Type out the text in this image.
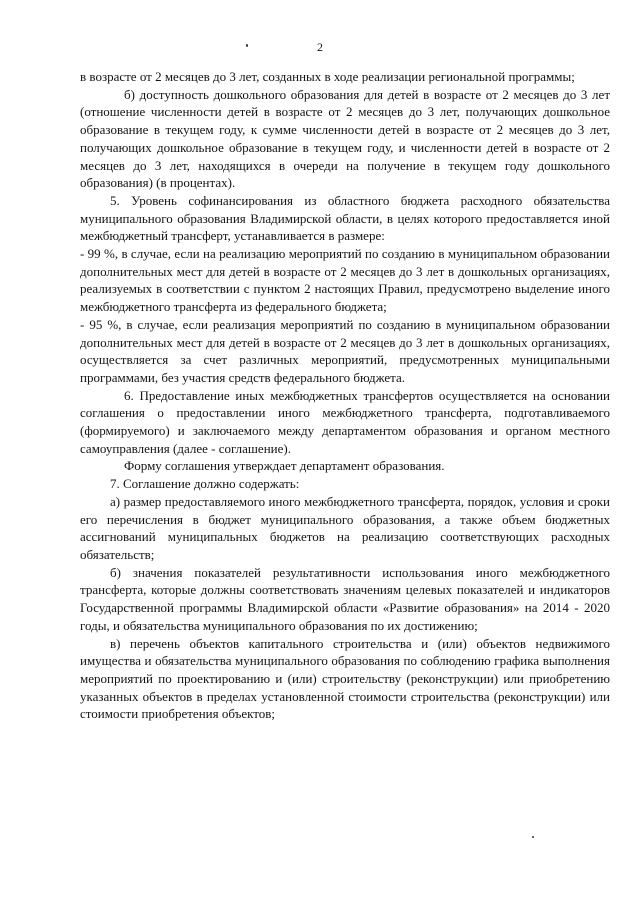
2

в возрасте от 2 месяцев до 3 лет, созданных в ходе реализации региональной программы;

б) доступность дошкольного образования для детей в возрасте от 2 месяцев до 3 лет (отношение численности детей в возрасте от 2 месяцев до 3 лет, получающих дошкольное образование в текущем году, к сумме численности детей в возрасте от 2 месяцев до 3 лет, получающих дошкольное образование в текущем году, и численности детей в возрасте от 2 месяцев до 3 лет, находящихся в очереди на получение в текущем году дошкольного образования) (в процентах).

5. Уровень софинансирования из областного бюджета расходного обязательства муниципального образования Владимирской области, в целях которого предоставляется иной межбюджетный трансферт, устанавливается в размере:

- 99 %, в случае, если на реализацию мероприятий по созданию в муниципальном образовании дополнительных мест для детей в возрасте от 2 месяцев до 3 лет в дошкольных организациях, реализуемых в соответствии с пунктом 2 настоящих Правил, предусмотрено выделение иного межбюджетного трансферта из федерального бюджета;

- 95 %, в случае, если реализация мероприятий по созданию в муниципальном образовании дополнительных мест для детей в возрасте от 2 месяцев до 3 лет в дошкольных организациях, осуществляется за счет различных мероприятий, предусмотренных муниципальными программами, без участия средств федерального бюджета.

6. Предоставление иных межбюджетных трансфертов осуществляется на основании соглашения о предоставлении иного межбюджетного трансферта, подготавливаемого (формируемого) и заключаемого между департаментом образования и органом местного самоуправления (далее - соглашение).

Форму соглашения утверждает департамент образования.

7. Соглашение должно содержать:

а) размер предоставляемого иного межбюджетного трансферта, порядок, условия и сроки его перечисления в бюджет муниципального образования, а также объем бюджетных ассигнований муниципальных бюджетов на реализацию соответствующих расходных обязательств;

б) значения показателей результативности использования иного межбюджетного трансферта, которые должны соответствовать значениям целевых показателей и индикаторов Государственной программы Владимирской области «Развитие образования» на 2014 - 2020 годы, и обязательства муниципального образования по их достижению;

в) перечень объектов капитального строительства и (или) объектов недвижимого имущества и обязательства муниципального образования по соблюдению графика выполнения мероприятий по проектированию и (или) строительству (реконструкции) или приобретению указанных объектов в пределах установленной стоимости строительства (реконструкции) или стоимости приобретения объектов;
